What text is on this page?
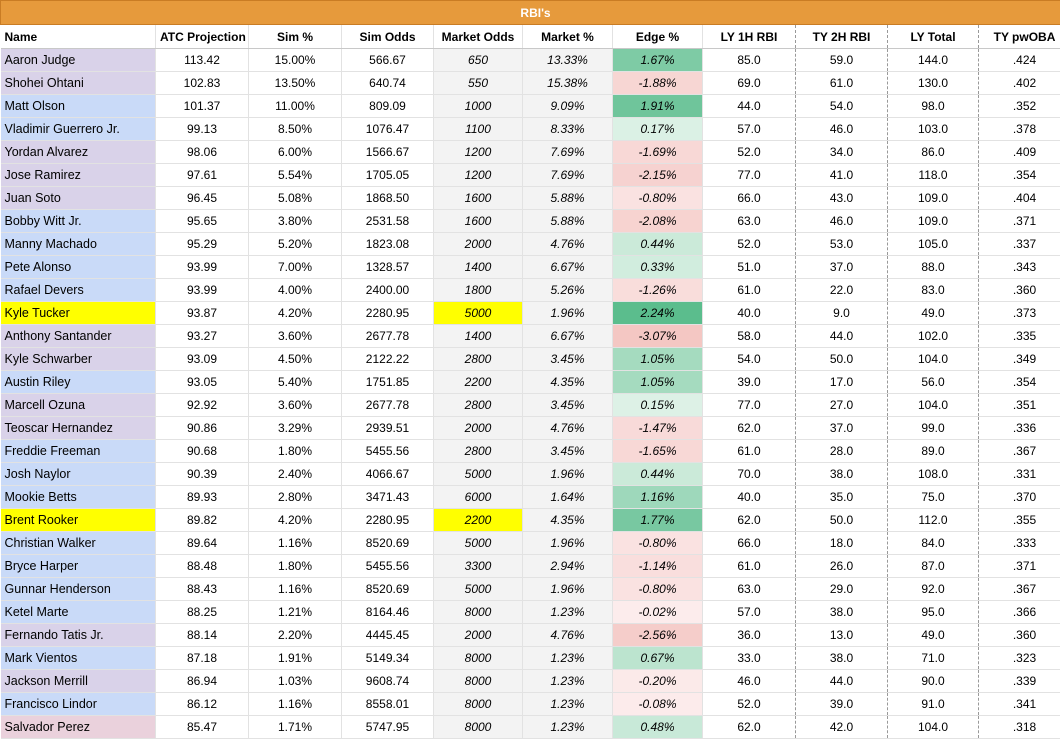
RBI's										
Name	ATC Projection	Sim %	Sim Odds	Market Odds	Market %	Edge %	LY 1H RBI	TY 2H RBI	LY Total	TY pwOBA
Aaron Judge	113.42	15.00%	566.67	650	13.33%	1.67%	85.0	59.0	144.0	.424
Shohei Ohtani	102.83	13.50%	640.74	550	15.38%	-1.88%	69.0	61.0	130.0	.402
Matt Olson	101.37	11.00%	809.09	1000	9.09%	1.91%	44.0	54.0	98.0	.352
Vladimir Guerrero Jr.	99.13	8.50%	1076.47	1100	8.33%	0.17%	57.0	46.0	103.0	.378
Yordan Alvarez	98.06	6.00%	1566.67	1200	7.69%	-1.69%	52.0	34.0	86.0	.409
Jose Ramirez	97.61	5.54%	1705.05	1200	7.69%	-2.15%	77.0	41.0	118.0	.354
Juan Soto	96.45	5.08%	1868.50	1600	5.88%	-0.80%	66.0	43.0	109.0	.404
Bobby Witt Jr.	95.65	3.80%	2531.58	1600	5.88%	-2.08%	63.0	46.0	109.0	.371
Manny Machado	95.29	5.20%	1823.08	2000	4.76%	0.44%	52.0	53.0	105.0	.337
Pete Alonso	93.99	7.00%	1328.57	1400	6.67%	0.33%	51.0	37.0	88.0	.343
Rafael Devers	93.99	4.00%	2400.00	1800	5.26%	-1.26%	61.0	22.0	83.0	.360
Kyle Tucker	93.87	4.20%	2280.95	5000	1.96%	2.24%	40.0	9.0	49.0	.373
Anthony Santander	93.27	3.60%	2677.78	1400	6.67%	-3.07%	58.0	44.0	102.0	.335
Kyle Schwarber	93.09	4.50%	2122.22	2800	3.45%	1.05%	54.0	50.0	104.0	.349
Austin Riley	93.05	5.40%	1751.85	2200	4.35%	1.05%	39.0	17.0	56.0	.354
Marcell Ozuna	92.92	3.60%	2677.78	2800	3.45%	0.15%	77.0	27.0	104.0	.351
Teoscar Hernandez	90.86	3.29%	2939.51	2000	4.76%	-1.47%	62.0	37.0	99.0	.336
Freddie Freeman	90.68	1.80%	5455.56	2800	3.45%	-1.65%	61.0	28.0	89.0	.367
Josh Naylor	90.39	2.40%	4066.67	5000	1.96%	0.44%	70.0	38.0	108.0	.331
Mookie Betts	89.93	2.80%	3471.43	6000	1.64%	1.16%	40.0	35.0	75.0	.370
Brent Rooker	89.82	4.20%	2280.95	2200	4.35%	1.77%	62.0	50.0	112.0	.355
Christian Walker	89.64	1.16%	8520.69	5000	1.96%	-0.80%	66.0	18.0	84.0	.333
Bryce Harper	88.48	1.80%	5455.56	3300	2.94%	-1.14%	61.0	26.0	87.0	.371
Gunnar Henderson	88.43	1.16%	8520.69	5000	1.96%	-0.80%	63.0	29.0	92.0	.367
Ketel Marte	88.25	1.21%	8164.46	8000	1.23%	-0.02%	57.0	38.0	95.0	.366
Fernando Tatis Jr.	88.14	2.20%	4445.45	2000	4.76%	-2.56%	36.0	13.0	49.0	.360
Mark Vientos	87.18	1.91%	5149.34	8000	1.23%	0.67%	33.0	38.0	71.0	.323
Jackson Merrill	86.94	1.03%	9608.74	8000	1.23%	-0.20%	46.0	44.0	90.0	.339
Francisco Lindor	86.12	1.16%	8558.01	8000	1.23%	-0.08%	52.0	39.0	91.0	.341
Salvador Perez	85.47	1.71%	5747.95	8000	1.23%	0.48%	62.0	42.0	104.0	.318
